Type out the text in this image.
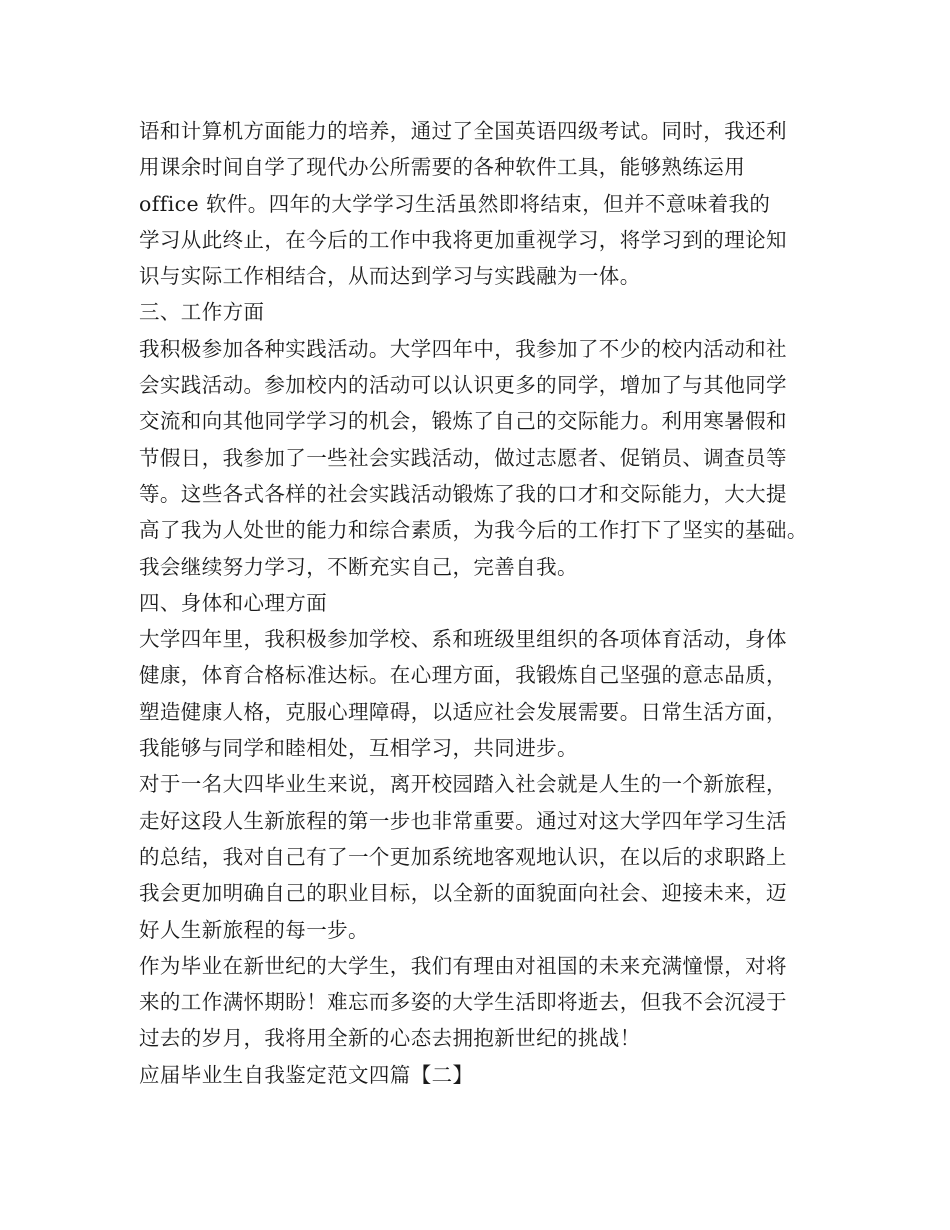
语和计算机方面能力的培养，通过了全国英语四级考试。同时，我还利
用课余时间自学了现代办公所需要的各种软件工具，能够熟练运用
office 软件。四年的大学学习生活虽然即将结束，但并不意味着我的
学习从此终止，在今后的工作中我将更加重视学习，将学习到的理论知
识与实际工作相结合，从而达到学习与实践融为一体。
三、工作方面
我积极参加各种实践活动。大学四年中，我参加了不少的校内活动和社
会实践活动。参加校内的活动可以认识更多的同学，增加了与其他同学
交流和向其他同学学习的机会，锻炼了自己的交际能力。利用寒暑假和
节假日，我参加了一些社会实践活动，做过志愿者、促销员、调查员等
等。这些各式各样的社会实践活动锻炼了我的口才和交际能力，大大提
高了我为人处世的能力和综合素质，为我今后的工作打下了坚实的基础。
我会继续努力学习，不断充实自己，完善自我。
四、身体和心理方面
大学四年里，我积极参加学校、系和班级里组织的各项体育活动，身体
健康，体育合格标准达标。在心理方面，我锻炼自己坚强的意志品质，
塑造健康人格，克服心理障碍，以适应社会发展需要。日常生活方面，
我能够与同学和睦相处，互相学习，共同进步。
对于一名大四毕业生来说，离开校园踏入社会就是人生的一个新旅程，
走好这段人生新旅程的第一步也非常重要。通过对这大学四年学习生活
的总结，我对自己有了一个更加系统地客观地认识，在以后的求职路上
我会更加明确自己的职业目标，以全新的面貌面向社会、迎接未来，迈
好人生新旅程的每一步。
作为毕业在新世纪的大学生，我们有理由对祖国的未来充满憧憬，对将
来的工作满怀期盼！难忘而多姿的大学生活即将逝去，但我不会沉浸于
过去的岁月，我将用全新的心态去拥抱新世纪的挑战！
应届毕业生自我鉴定范文四篇【二】
